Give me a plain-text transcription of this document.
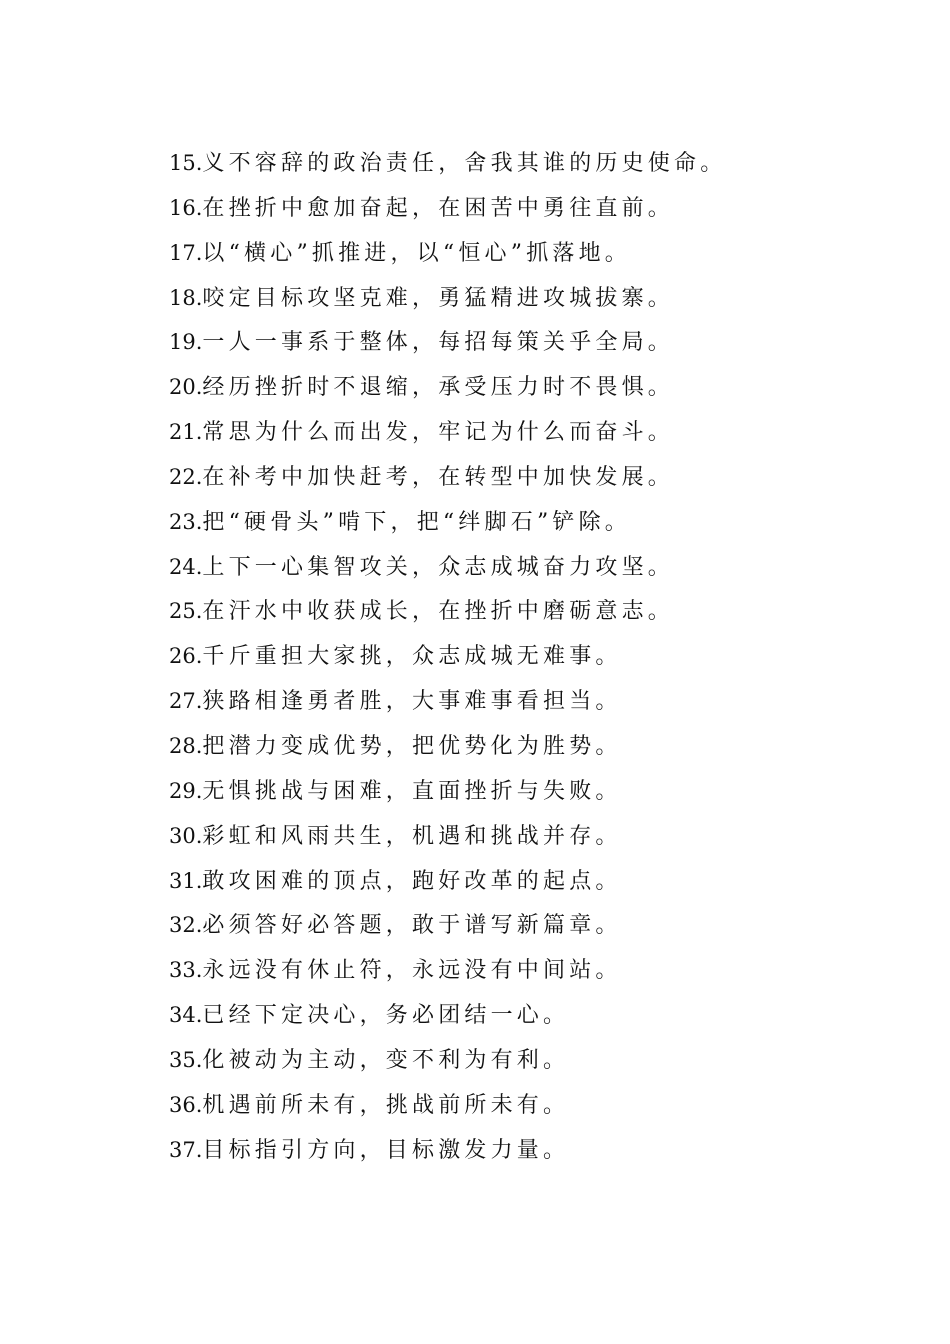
15. 义不容辞的政治责任，舍我其谁的历史使命。
16. 在挫折中愈加奋起，在困苦中勇往直前。
17. 以“横心”抓推进，以“恒心”抓落地。
18. 咬定目标攻坚克难，勇猛精进攻城拔寨。
19. 一人一事系于整体，每招每策关乎全局。
20. 经历挫折时不退缩，承受压力时不畏惧。
21. 常思为什么而出发，牢记为什么而奋斗。
22. 在补考中加快赶考，在转型中加快发展。
23. 把“硬骨头”啃下，把“绊脚石”铲除。
24. 上下一心集智攻关，众志成城奋力攻坚。
25. 在汗水中收获成长，在挫折中磨砺意志。
26. 千斤重担大家挑，众志成城无难事。
27. 狭路相逢勇者胜，大事难事看担当。
28. 把潜力变成优势，把优势化为胜势。
29. 无惧挑战与困难，直面挫折与失败。
30. 彩虹和风雨共生，机遇和挑战并存。
31. 敢攻困难的顶点，跑好改革的起点。
32. 必须答好必答题，敢于谱写新篇章。
33. 永远没有休止符，永远没有中间站。
34. 已经下定决心，务必团结一心。
35. 化被动为主动，变不利为有利。
36. 机遇前所未有，挑战前所未有。
37. 目标指引方向，目标激发力量。
